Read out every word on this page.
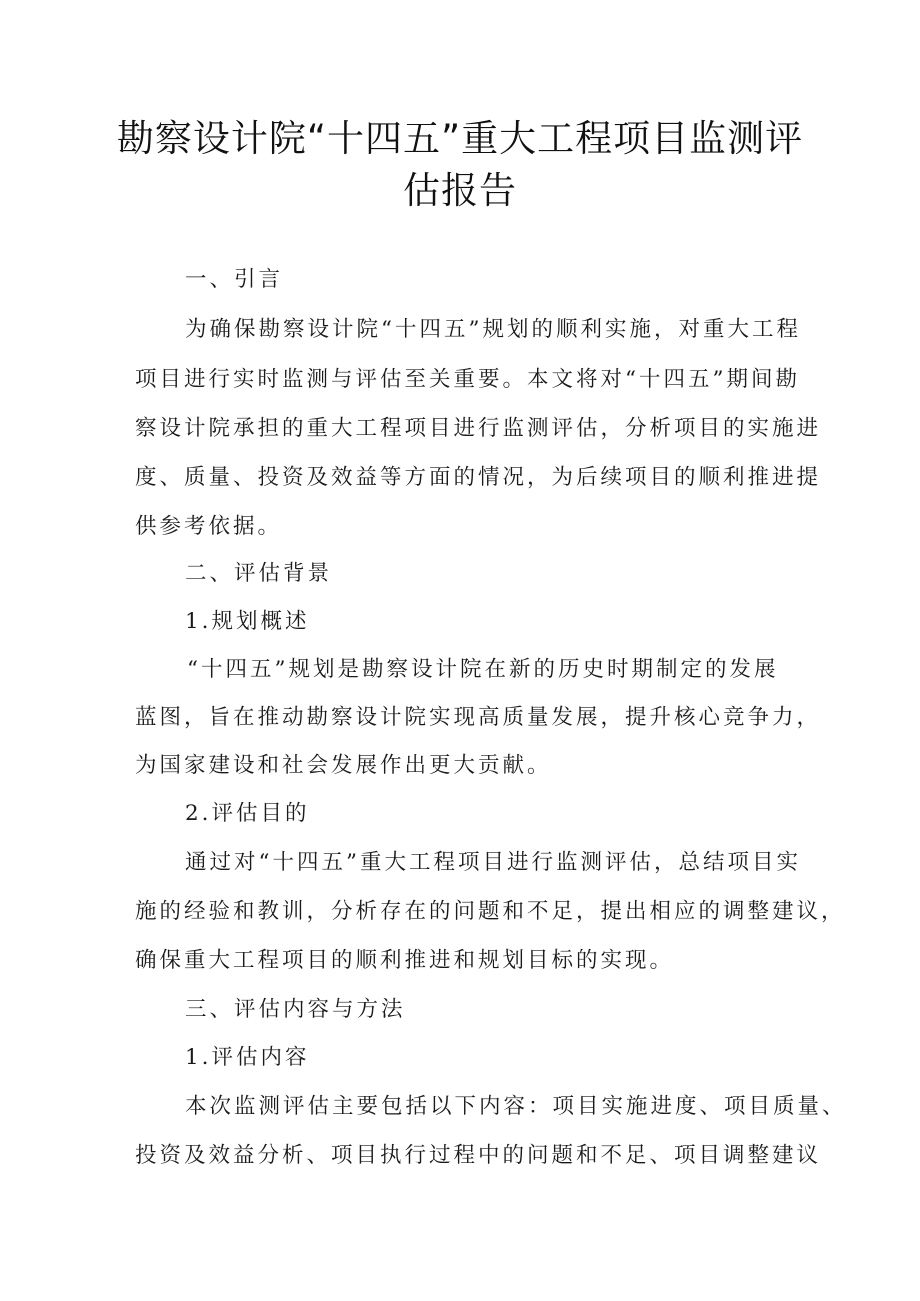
勘察设计院“十四五”重大工程项目监测评
估报告
一、引言
为确保勘察设计院“十四五”规划的顺利实施，对重大工程
项目进行实时监测与评估至关重要。本文将对“十四五”期间勘
察设计院承担的重大工程项目进行监测评估，分析项目的实施进
度、质量、投资及效益等方面的情况，为后续项目的顺利推进提
供参考依据。
二、评估背景
1.规划概述
“十四五”规划是勘察设计院在新的历史时期制定的发展
蓝图，旨在推动勘察设计院实现高质量发展，提升核心竞争力，
为国家建设和社会发展作出更大贡献。
2.评估目的
通过对“十四五”重大工程项目进行监测评估，总结项目实
施的经验和教训，分析存在的问题和不足，提出相应的调整建议，
确保重大工程项目的顺利推进和规划目标的实现。
三、评估内容与方法
1.评估内容
本次监测评估主要包括以下内容：项目实施进度、项目质量、
投资及效益分析、项目执行过程中的问题和不足、项目调整建议
